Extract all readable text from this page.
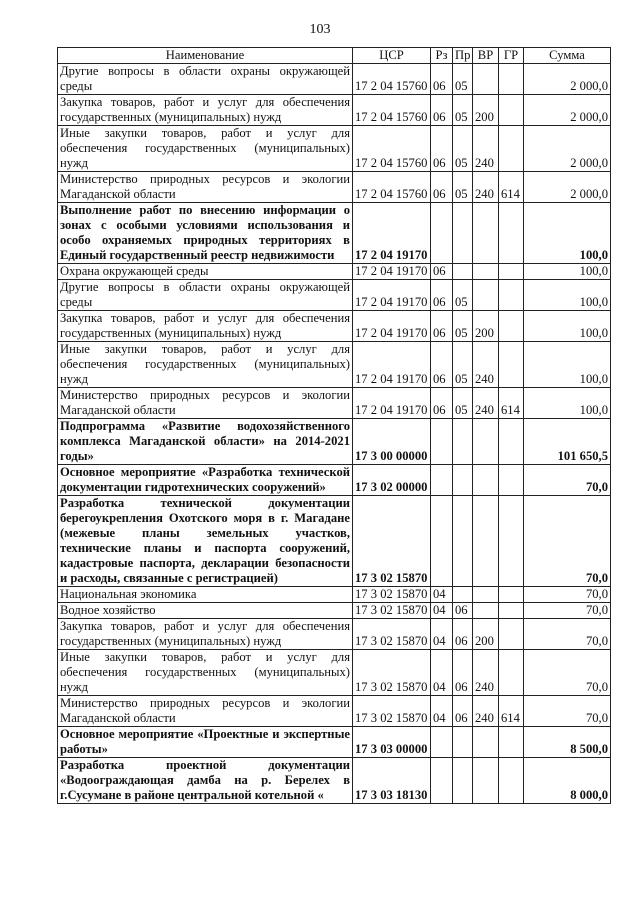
103
Наименование	ЦСР	Рз	Пр	ВР	ГР	Сумма
Другие вопросы в области охраны окружающей среды	17 2 04 15760	06	05			2 000,0
Закупка товаров, работ и услуг для обеспечения государственных (муниципальных) нужд	17 2 04 15760	06	05	200		2 000,0
Иные закупки товаров, работ и услуг для обеспечения государственных (муниципальных) нужд	17 2 04 15760	06	05	240		2 000,0
Министерство природных ресурсов и экологии Магаданской области	17 2 04 15760	06	05	240	614	2 000,0
Выполнение работ по внесению информации о зонах с особыми условиями использования и особо охраняемых природных территориях в Единый государственный реестр недвижимости	17 2 04 19170					100,0
Охрана окружающей среды	17 2 04 19170	06				100,0
Другие вопросы в области охраны окружающей среды	17 2 04 19170	06	05			100,0
Закупка товаров, работ и услуг для обеспечения государственных (муниципальных) нужд	17 2 04 19170	06	05	200		100,0
Иные закупки товаров, работ и услуг для обеспечения государственных (муниципальных) нужд	17 2 04 19170	06	05	240		100,0
Министерство природных ресурсов и экологии Магаданской области	17 2 04 19170	06	05	240	614	100,0
Подпрограмма «Развитие водохозяйственного комплекса Магаданской области» на 2014-2021 годы»	17 3 00 00000					101 650,5
Основное мероприятие «Разработка технической документации гидротехнических сооружений»	17 3 02 00000					70,0
Разработка технической документации берегоукрепления Охотского моря в г. Магадане (межевые планы земельных участков, технические планы и паспорта сооружений, кадастровые паспорта, декларации безопасности и расходы, связанные с регистрацией)	17 3 02 15870					70,0
Национальная экономика	17 3 02 15870	04				70,0
Водное хозяйство	17 3 02 15870	04	06			70,0
Закупка товаров, работ и услуг для обеспечения государственных (муниципальных) нужд	17 3 02 15870	04	06	200		70,0
Иные закупки товаров, работ и услуг для обеспечения государственных (муниципальных) нужд	17 3 02 15870	04	06	240		70,0
Министерство природных ресурсов и экологии Магаданской области	17 3 02 15870	04	06	240	614	70,0
Основное мероприятие «Проектные и экспертные работы»	17 3 03 00000					8 500,0
Разработка проектной документации «Водоограждающая дамба на р. Берелех в г.Сусумане в районе центральной котельной «	17 3 03 18130					8 000,0
